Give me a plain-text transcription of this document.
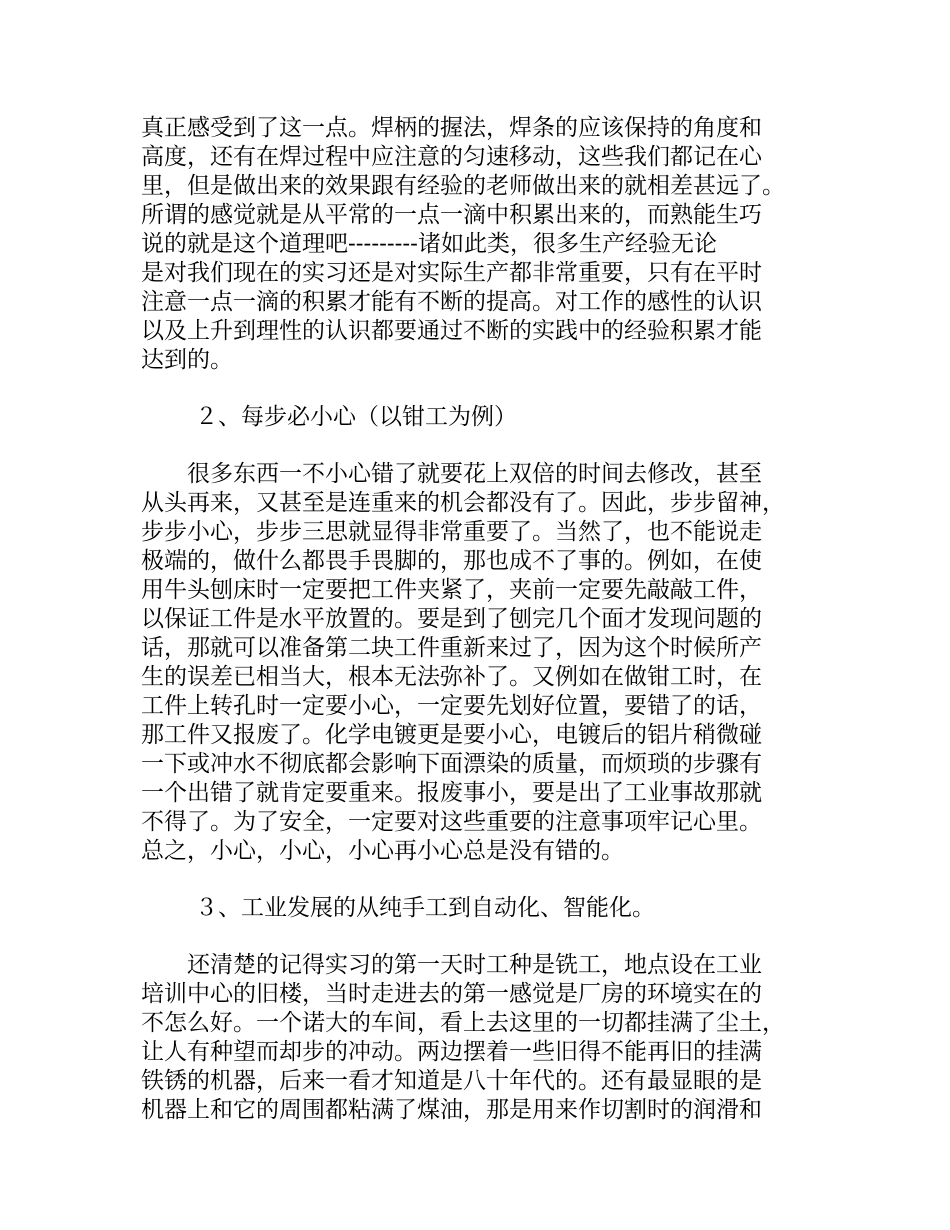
真正感受到了这一点。焊柄的握法，焊条的应该保持的角度和
高度，还有在焊过程中应注意的匀速移动，这些我们都记在心
里，但是做出来的效果跟有经验的老师做出来的就相差甚远了。
所谓的感觉就是从平常的一点一滴中积累出来的，而熟能生巧
说的就是这个道理吧---------诸如此类，很多生产经验无论
是对我们现在的实习还是对实际生产都非常重要，只有在平时
注意一点一滴的积累才能有不断的提高。对工作的感性的认识
以及上升到理性的认识都要通过不断的实践中的经验积累才能
达到的。
２、每步必小心（以钳工为例）
很多东西一不小心错了就要花上双倍的时间去修改，甚至
从头再来，又甚至是连重来的机会都没有了。因此，步步留神，
步步小心，步步三思就显得非常重要了。当然了，也不能说走
极端的，做什么都畏手畏脚的，那也成不了事的。例如，在使
用牛头刨床时一定要把工件夹紧了，夹前一定要先敲敲工件，
以保证工件是水平放置的。要是到了刨完几个面才发现问题的
话，那就可以准备第二块工件重新来过了，因为这个时候所产
生的误差已相当大，根本无法弥补了。又例如在做钳工时，在
工件上转孔时一定要小心，一定要先划好位置，要错了的话，
那工件又报废了。化学电镀更是要小心，电镀后的铝片稍微碰
一下或冲水不彻底都会影响下面漂染的质量，而烦琐的步骤有
一个出错了就肯定要重来。报废事小，要是出了工业事故那就
不得了。为了安全，一定要对这些重要的注意事项牢记心里。
总之，小心，小心，小心再小心总是没有错的。
３、工业发展的从纯手工到自动化、智能化。
还清楚的记得实习的第一天时工种是铣工，地点设在工业
培训中心的旧楼，当时走进去的第一感觉是厂房的环境实在的
不怎么好。一个诺大的车间，看上去这里的一切都挂满了尘土，
让人有种望而却步的冲动。两边摆着一些旧得不能再旧的挂满
铁锈的机器，后来一看才知道是八十年代的。还有最显眼的是
机器上和它的周围都粘满了煤油，那是用来作切割时的润滑和
